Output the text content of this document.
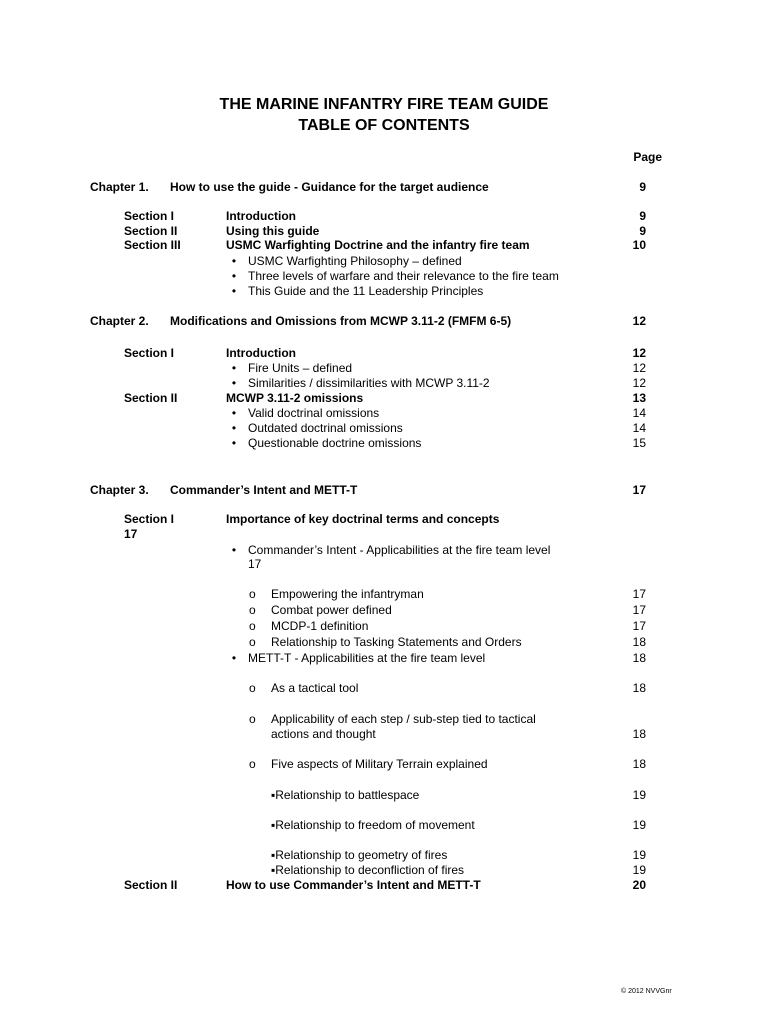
THE MARINE INFANTRY FIRE TEAM GUIDE
TABLE OF CONTENTS
Page
Chapter 1. How to use the guide - Guidance for the target audience	9
Section I	Introduction	9
Section II	Using this guide	9
Section III	USMC Warfighting Doctrine and the infantry fire team	10
• USMC Warfighting Philosophy – defined
• Three levels of warfare and their relevance to the fire team
• This Guide and the 11 Leadership Principles
Chapter 2. Modifications and Omissions from MCWP 3.11-2 (FMFM 6-5)	12
Section I	Introduction	12
• Fire Units – defined	12
• Similarities / dissimilarities with MCWP 3.11-2	12
Section II	MCWP 3.11-2 omissions	13
• Valid doctrinal omissions	14
• Outdated doctrinal omissions	14
• Questionable doctrine omissions	15
Chapter 3. Commander’s Intent and METT-T	17
Section I	Importance of key doctrinal terms and concepts
17
• Commander’s Intent - Applicabilities at the fire team level
17
o	Empowering the infantryman	17
o	Combat power defined	17
o	MCDP-1 definition	17
o	Relationship to Tasking Statements and Orders	18
• METT-T - Applicabilities at the fire team level	18
o	As a tactical tool	18
o	Applicability of each step / sub-step tied to tactical
actions and thought	18
o	Five aspects of Military Terrain explained	18
▪Relationship to battlespace	19
▪Relationship to freedom of movement	19
▪Relationship to geometry of fires	19
▪Relationship to deconfliction of fires	19
Section II	How to use Commander’s Intent and METT-T	20
© 2012 NVVGnr
